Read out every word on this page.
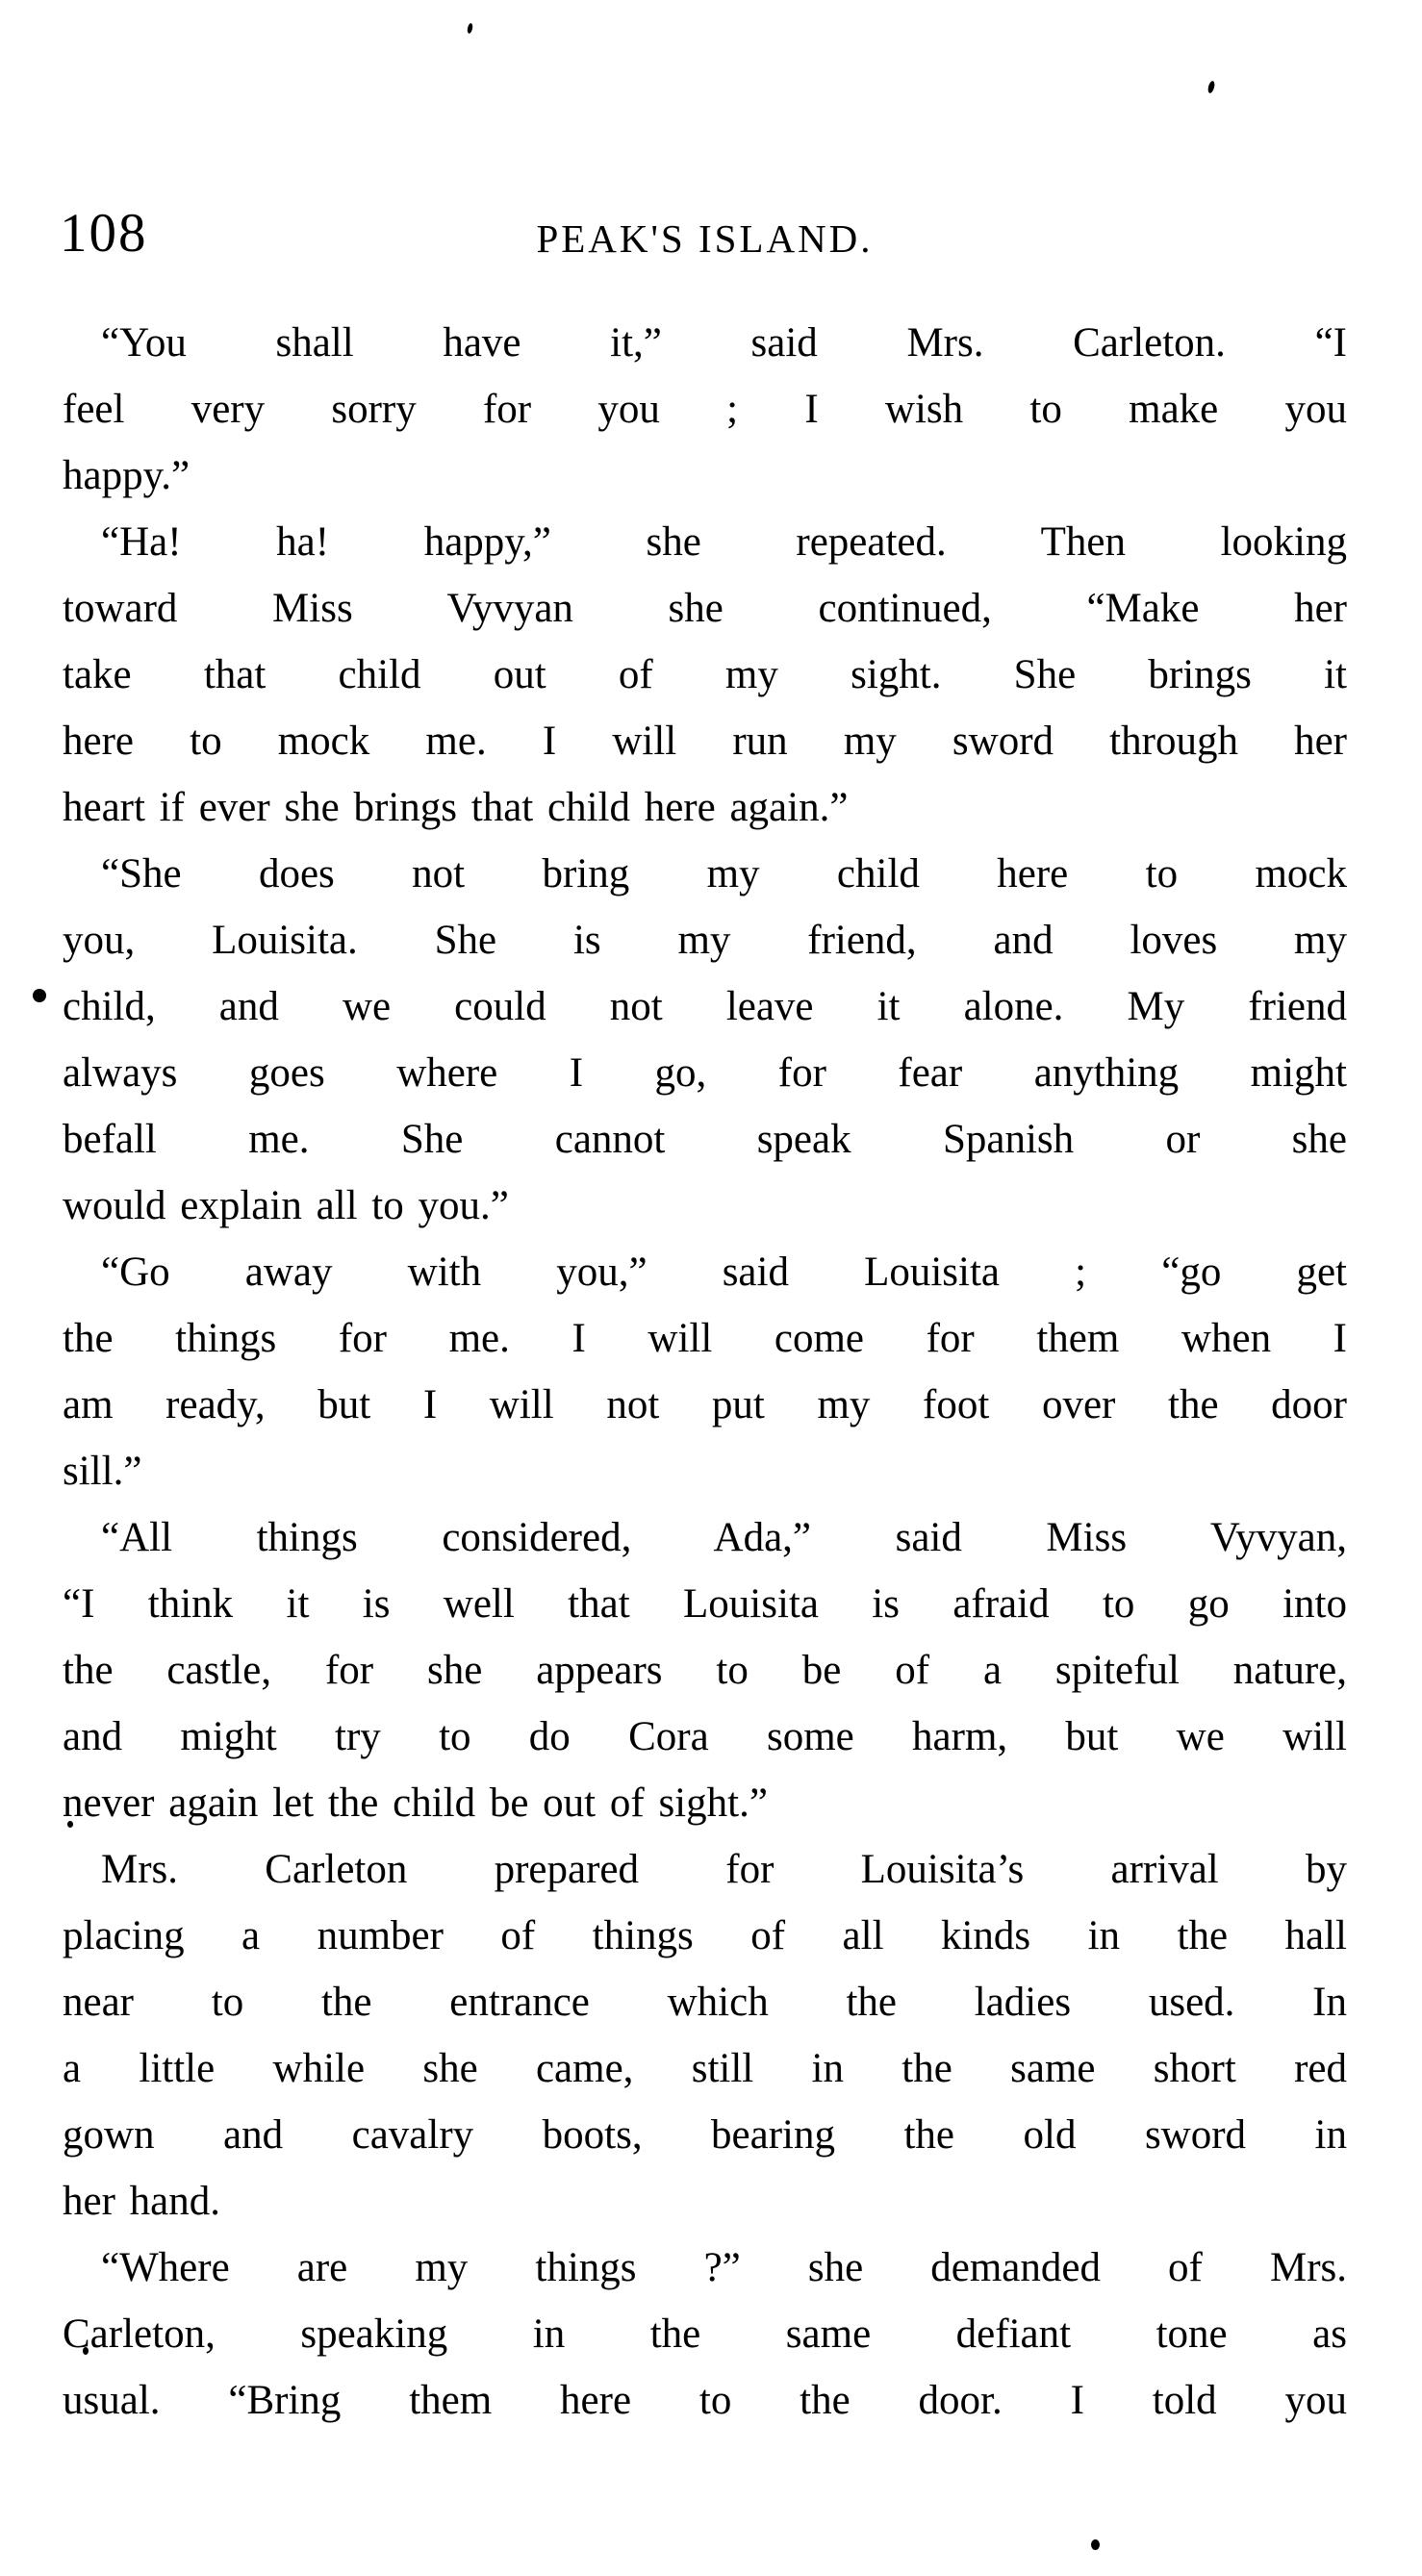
108	PEAK'S ISLAND.
“You shall have it,” said Mrs. Carleton. “I
feel very sorry for you ; I wish to make you
happy.”
“Ha! ha! happy,” she repeated. Then looking
toward Miss Vyvyan she continued, “Make her
take that child out of my sight. She brings it
here to mock me. I will run my sword through her
heart if ever she brings that child here again.”
“She does not bring my child here to mock
you, Louisita. She is my friend, and loves my
child, and we could not leave it alone. My friend
always goes where I go, for fear anything might
befall me. She cannot speak Spanish or she
would explain all to you.”
“Go away with you,” said Louisita ; “go get
the things for me. I will come for them when I
am ready, but I will not put my foot over the door
sill.”
“All things considered, Ada,” said Miss Vyvyan,
“I think it is well that Louisita is afraid to go into
the castle, for she appears to be of a spiteful nature,
and might try to do Cora some harm, but we will
never again let the child be out of sight.”
Mrs. Carleton prepared for Louisita’s arrival by
placing a number of things of all kinds in the hall
near to the entrance which the ladies used. In
a little while she came, still in the same short red
gown and cavalry boots, bearing the old sword in
her hand.
“Where are my things ?” she demanded of Mrs.
Carleton, speaking in the same defiant tone as
usual. “Bring them here to the door. I told you
